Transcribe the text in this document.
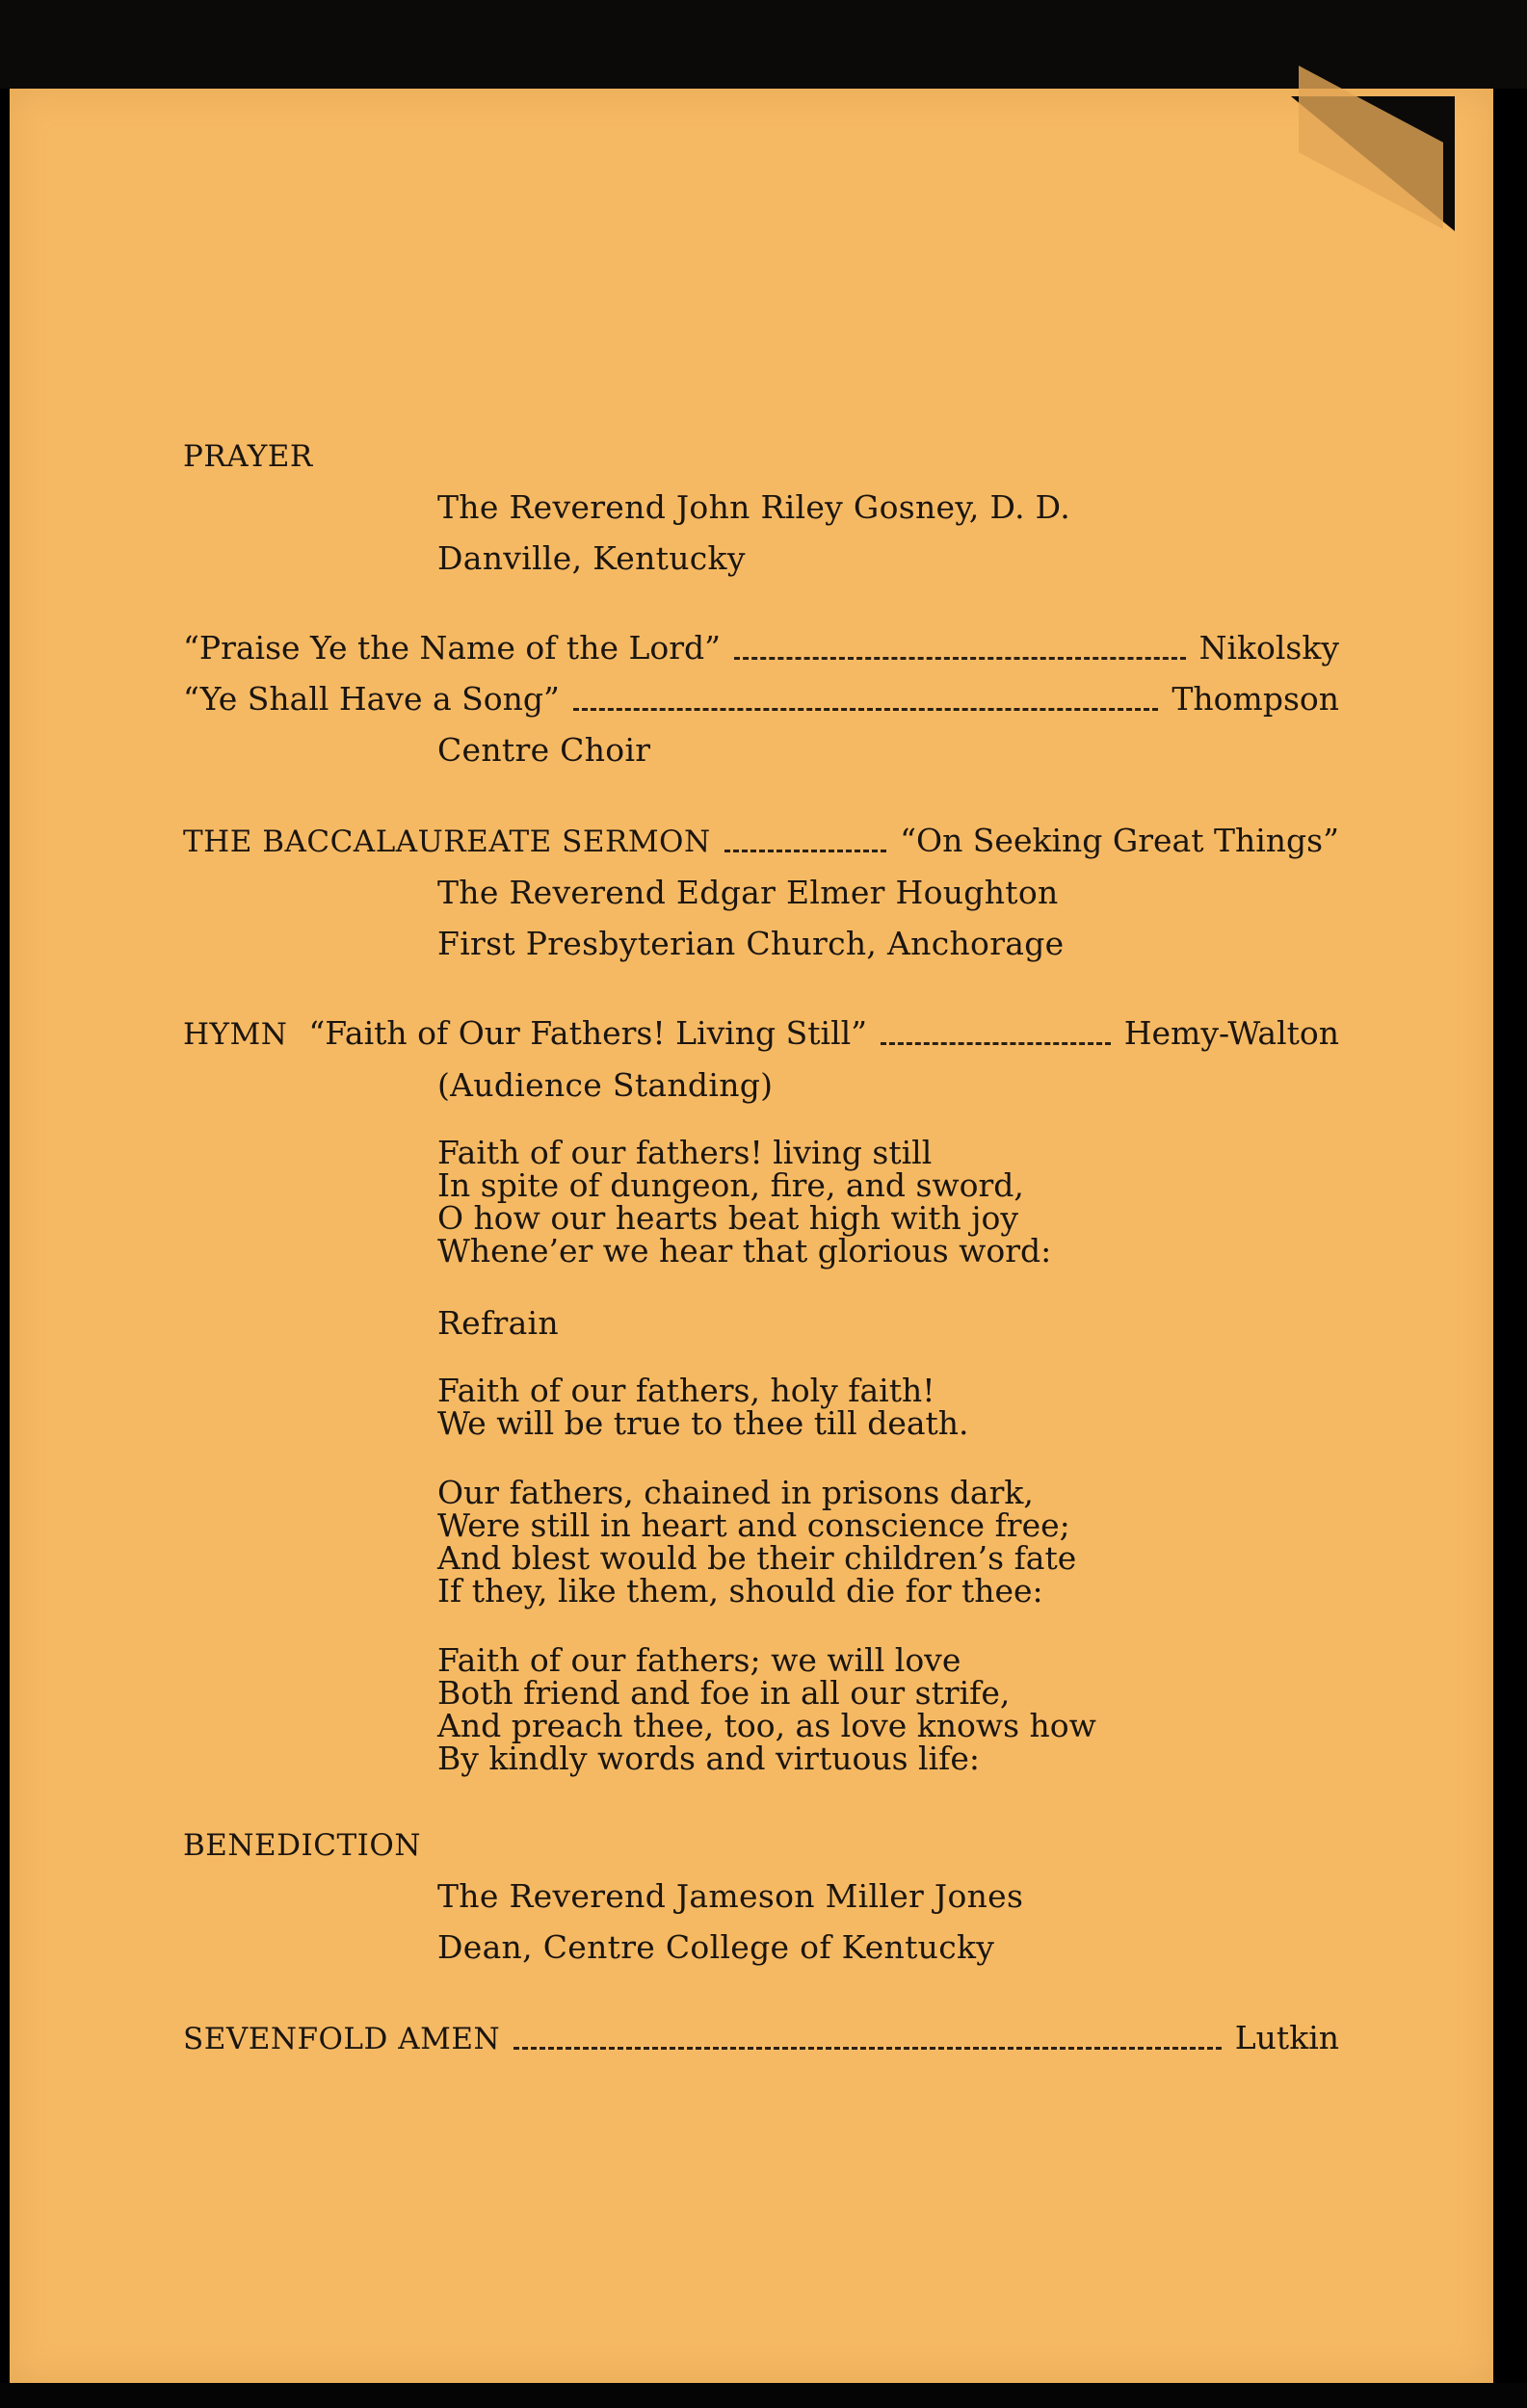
PRAYER
The Reverend John Riley Gosney, D. D.
Danville, Kentucky
“Praise Ye the Name of the Lord”	Nikolsky
“Ye Shall Have a Song”	Thompson
Centre Choir
THE BACCALAUREATE SERMON	“On Seeking Great Things”
The Reverend Edgar Elmer Houghton
First Presbyterian Church, Anchorage
HYMN “Faith of Our Fathers! Living Still”	Hemy-Walton
(Audience Standing)
Faith of our fathers! living still
In spite of dungeon, fire, and sword,
O how our hearts beat high with joy
Whene’er we hear that glorious word:
Refrain
Faith of our fathers, holy faith!
We will be true to thee till death.
Our fathers, chained in prisons dark,
Were still in heart and conscience free;
And blest would be their children’s fate
If they, like them, should die for thee:
Faith of our fathers; we will love
Both friend and foe in all our strife,
And preach thee, too, as love knows how
By kindly words and virtuous life:
BENEDICTION
The Reverend Jameson Miller Jones
Dean, Centre College of Kentucky
SEVENFOLD AMEN	Lutkin
